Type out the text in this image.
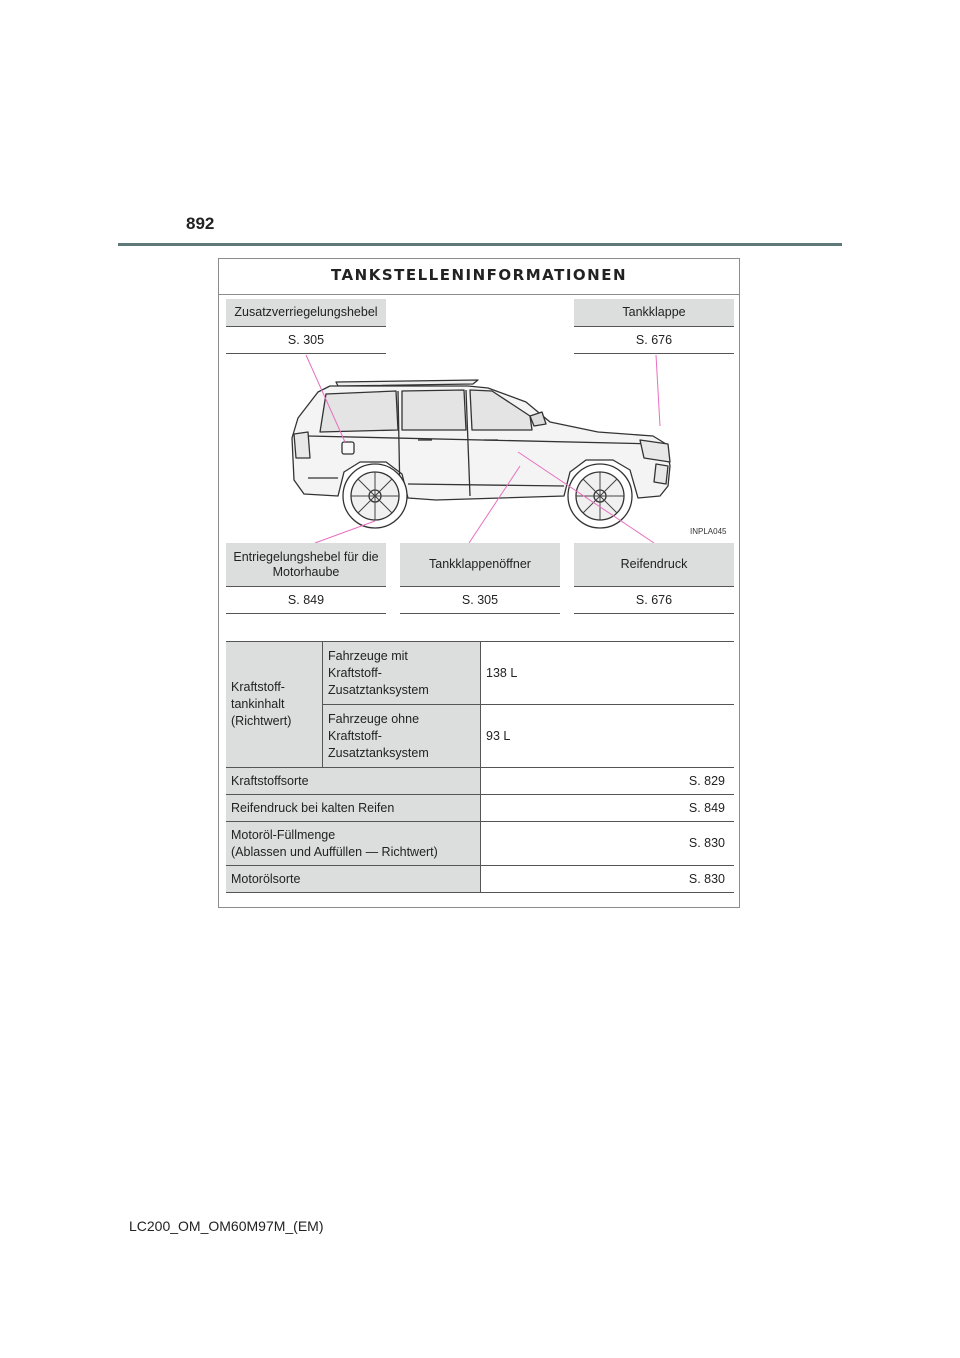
892
TANKSTELLENINFORMATIONEN
Zusatzverriegelungshebel
S. 305
Tankklappe
S. 676
INPLA045
Entriegelungshebel für die Motorhaube
S. 849
Tankklappenöffner
S. 305
Reifendruck
S. 676
Kraftstoff-
tankinhalt
(Richtwert)	Fahrzeuge mit
Kraftstoff-
Zusatztanksystem	138 L
	Fahrzeuge ohne
Kraftstoff-
Zusatztanksystem	93 L
Kraftstoffsorte		S. 829
Reifendruck bei kalten Reifen		S. 849
Motoröl-Füllmenge
(Ablassen und Auffüllen — Richtwert)		S. 830
Motorölsorte		S. 830
LC200_OM_OM60M97M_(EM)
